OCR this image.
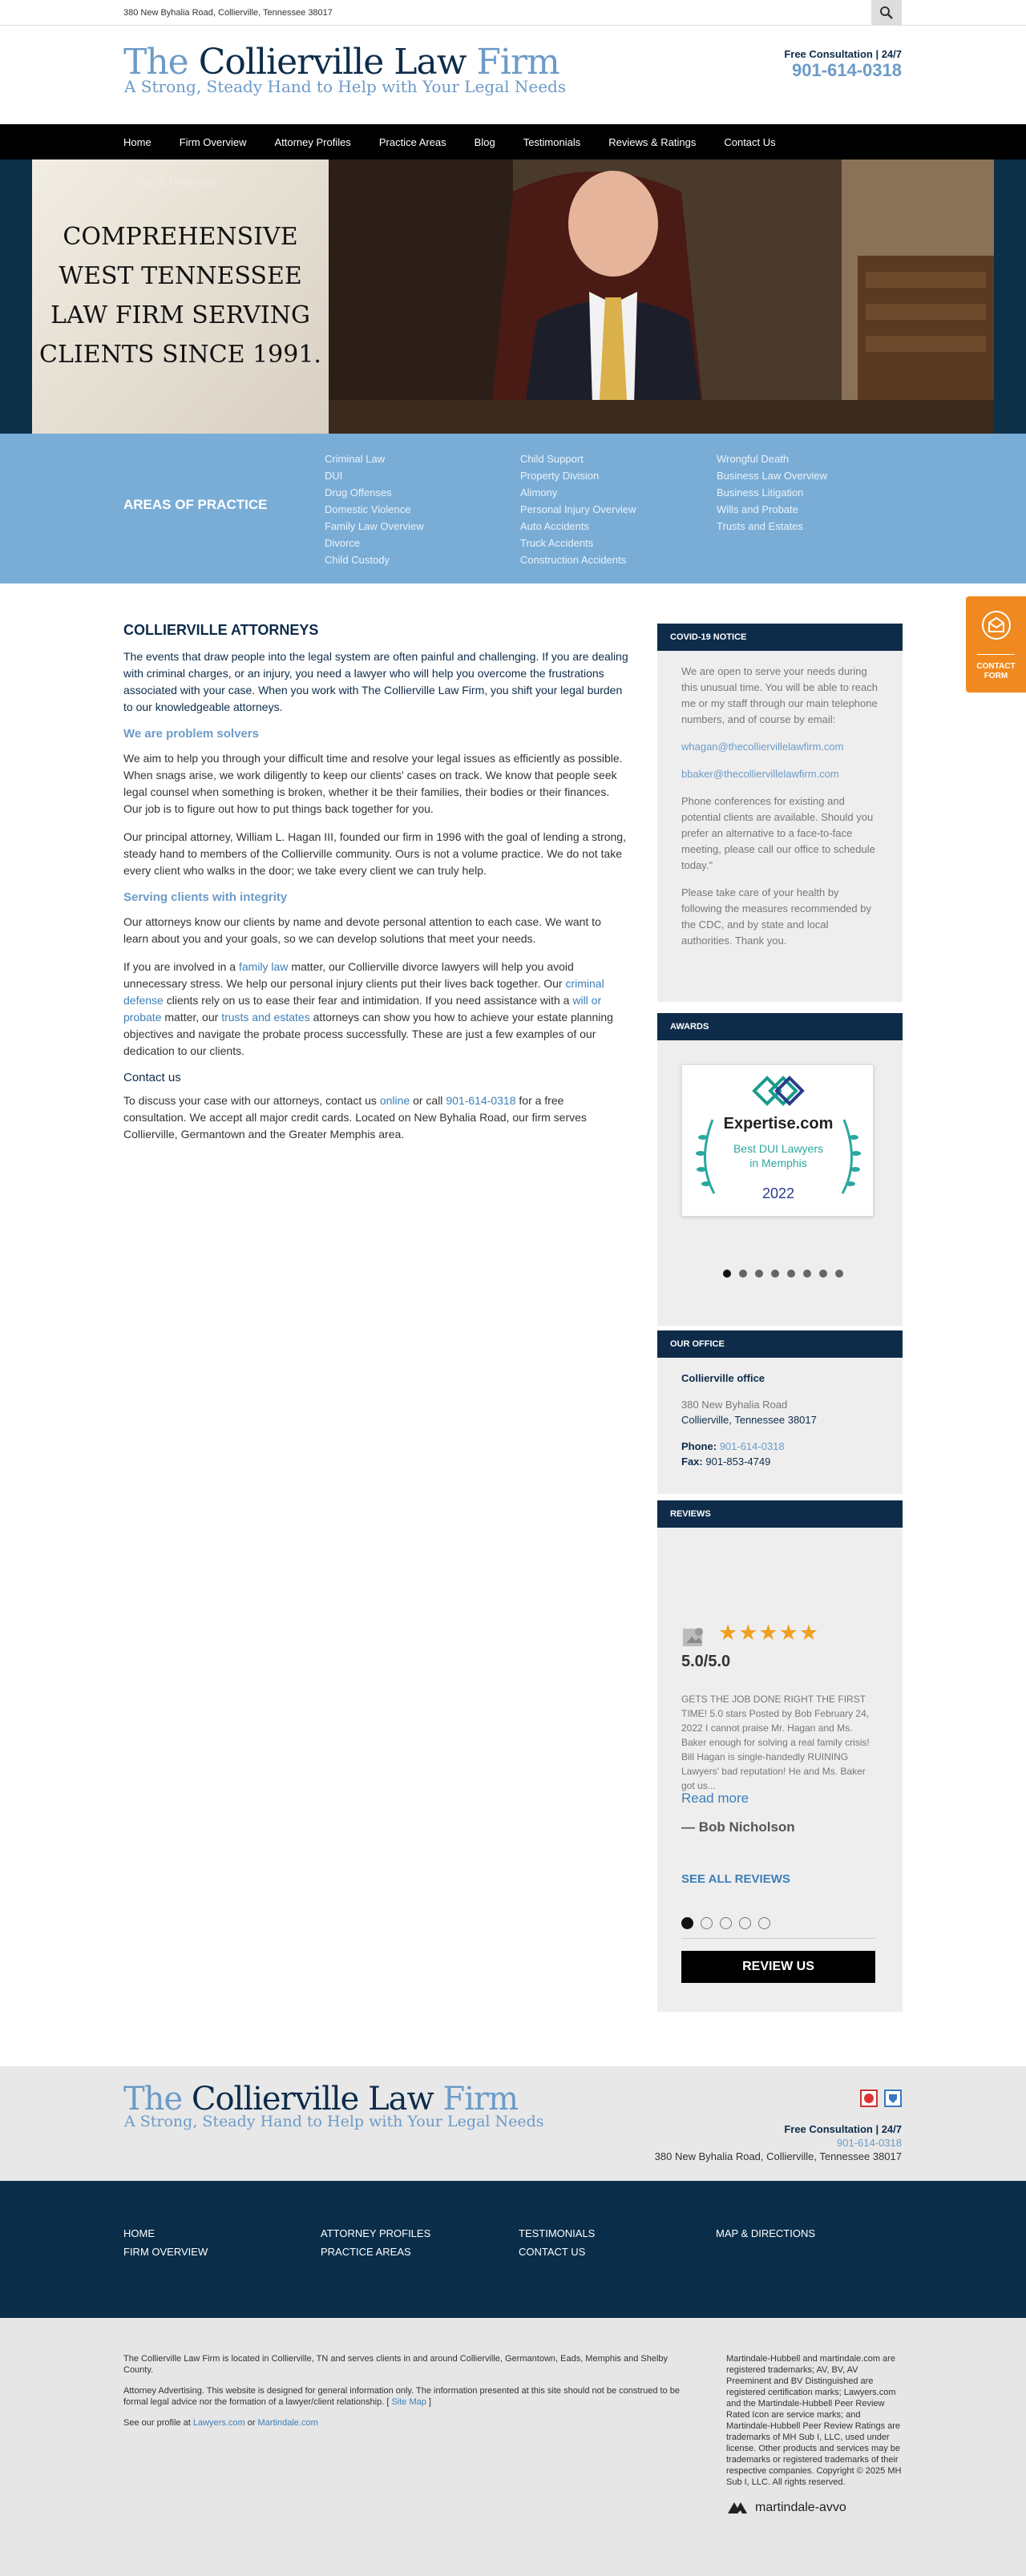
380 New Byhalia Road, Collierville, Tennessee 38017
The Collierville Law Firm
A Strong, Steady Hand to Help with Your Legal Needs
Free Consultation | 24/7
901-614-0318
Home	Firm Overview	Attorney Profiles	Practice Areas	Blog	Testimonials	Reviews & Ratings	Contact Us
Map & Directions
COMPREHENSIVE WEST TENNESSEE LAW FIRM SERVING CLIENTS SINCE 1991.
AREAS OF PRACTICE
Criminal Law
DUI
Drug Offenses
Domestic Violence
Family Law Overview
Divorce
Child Custody
Child Support
Property Division
Alimony
Personal Injury Overview
Auto Accidents
Truck Accidents
Construction Accidents
Wrongful Death
Business Law Overview
Business Litigation
Wills and Probate
Trusts and Estates
COLLIERVILLE ATTORNEYS

The events that draw people into the legal system are often painful and challenging. If you are dealing with criminal charges, or an injury, you need a lawyer who will help you overcome the frustrations associated with your case. When you work with The Collierville Law Firm, you shift your legal burden to our knowledgeable attorneys.

We are problem solvers

We aim to help you through your difficult time and resolve your legal issues as efficiently as possible. When snags arise, we work diligently to keep our clients' cases on track. We know that people seek legal counsel when something is broken, whether it be their families, their bodies or their finances. Our job is to figure out how to put things back together for you.

Our principal attorney, William L. Hagan III, founded our firm in 1996 with the goal of lending a strong, steady hand to members of the Collierville community. Ours is not a volume practice. We do not take every client who walks in the door; we take every client we can truly help.

Serving clients with integrity

Our attorneys know our clients by name and devote personal attention to each case. We want to learn about you and your goals, so we can develop solutions that meet your needs.

If you are involved in a family law matter, our Collierville divorce lawyers will help you avoid unnecessary stress. We help our personal injury clients put their lives back together. Our criminal defense clients rely on us to ease their fear and intimidation. If you need assistance with a will or probate matter, our trusts and estates attorneys can show you how to achieve your estate planning objectives and navigate the probate process successfully. These are just a few examples of our dedication to our clients.

Contact us

To discuss your case with our attorneys, contact us online or call 901-614-0318 for a free consultation. We accept all major credit cards. Located on New Byhalia Road, our firm serves Collierville, Germantown and the Greater Memphis area.

COVID-19 NOTICE

We are open to serve your needs during this unusual time. You will be able to reach me or my staff through our main telephone numbers, and of course by email:

whagan@thecolliervillelawfirm.com

bbaker@thecolliervillelawfirm.com

Phone conferences for existing and potential clients are available. Should you prefer an alternative to a face-to-face meeting, please call our office to schedule today."

Please take care of your health by following the measures recommended by the CDC, and by state and local authorities. Thank you.

AWARDS
Expertise.com
Best DUI Lawyers
in Memphis
2022
OUR OFFICE
Collierville office
380 New Byhalia Road
Collierville, Tennessee 38017
Phone: 901-614-0318
Fax: 901-853-4749
REVIEWS
★★★★★
5.0/5.0
GETS THE JOB DONE RIGHT THE FIRST TIME! 5.0 stars Posted by Bob February 24, 2022 I cannot praise Mr. Hagan and Ms. Baker enough for solving a real family crisis! Bill Hagan is single-handedly RUINING Lawyers' bad reputation! He and Ms. Baker got us...
Read more
— Bob Nicholson
SEE ALL REVIEWS
REVIEW US
CONTACT
FORM
The Collierville Law Firm
A Strong, Steady Hand to Help with Your Legal Needs	Free Consultation | 24/7
901-614-0318
380 New Byhalia Road, Collierville, Tennessee 38017
HOME
FIRM OVERVIEW
ATTORNEY PROFILES
PRACTICE AREAS
TESTIMONIALS
CONTACT US
MAP & DIRECTIONS

The Collierville Law Firm is located in Collierville, TN and serves clients in and around Collierville, Germantown, Eads, Memphis and Shelby County.

Attorney Advertising. This website is designed for general information only. The information presented at this site should not be construed to be formal legal advice nor the formation of a lawyer/client relationship. [ Site Map ]

See our profile at Lawyers.com or Martindale.com

Martindale-Hubbell and martindale.com are registered trademarks; AV, BV, AV Preeminent and BV Distinguished are registered certification marks; Lawyers.com and the Martindale-Hubbell Peer Review Rated Icon are service marks; and Martindale-Hubbell Peer Review Ratings are trademarks of MH Sub I, LLC, used under license. Other products and services may be trademarks or registered trademarks of their respective companies. Copyright © 2025 MH Sub I, LLC. All rights reserved.
martindale-avvo
